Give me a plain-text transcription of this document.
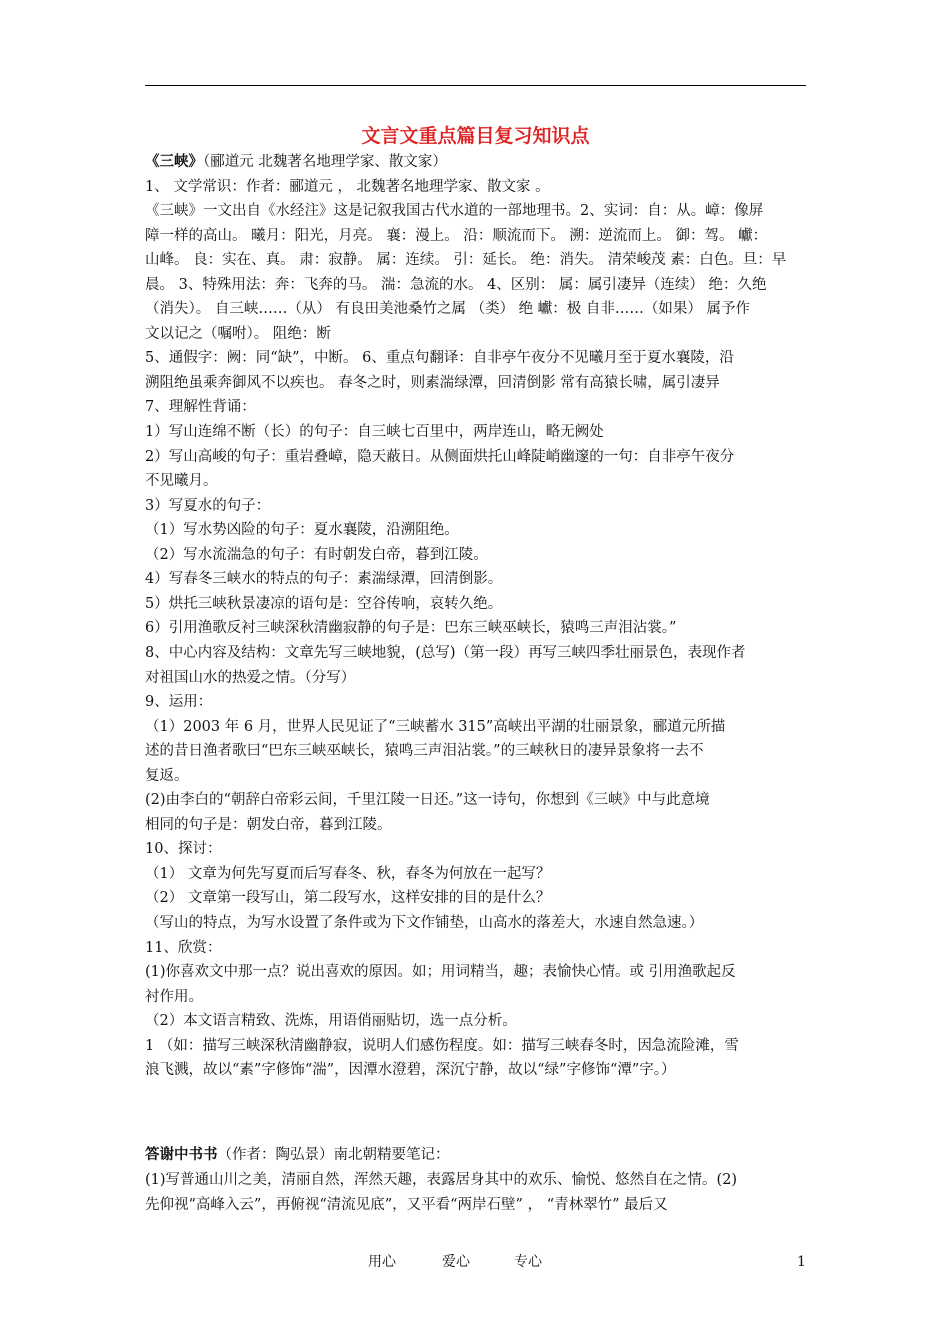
文言文重点篇目复习知识点
《三峡》（郦道元 北魏著名地理学家、散文家）
1、 文学常识：作者：郦道元 ， 北魏著名地理学家、散文家 。
《三峡》一文出自《水经注》这是记叙我国古代水道的一部地理书。2、实词：自：从。嶂：像屏
障一样的高山。 曦月：阳光，月亮。 襄：漫上。 沿：顺流而下。 溯：逆流而上。 御：驾。 巘：
山峰。 良：实在、真。 肃：寂静。 属：连续。 引：延长。 绝：消失。 清荣峻茂 素：白色。旦：早
晨。 3、特殊用法：奔：飞奔的马。 湍：急流的水。 4、区别： 属：属引凄异（连续） 绝：久绝
（消失）。 自三峡……（从） 有良田美池桑竹之属 （类） 绝 巘：极 自非……（如果） 属予作
文以记之（嘱咐）。 阻绝：断
5、通假字：阙：同“缺”，中断。 6、重点句翻译：自非亭午夜分不见曦月至于夏水襄陵，沿
溯阻绝虽乘奔御风不以疾也。 春冬之时，则素湍绿潭，回清倒影 常有高猿长啸，属引凄异
7、理解性背诵：
1）写山连绵不断（长）的句子：自三峡七百里中，两岸连山，略无阙处
2）写山高峻的句子：重岩叠嶂，隐天蔽日。从侧面烘托山峰陡峭幽邃的一句：自非亭午夜分
不见曦月。
3）写夏水的句子：
（1）写水势凶险的句子：夏水襄陵，沿溯阻绝。
（2）写水流湍急的句子：有时朝发白帝，暮到江陵。
4）写春冬三峡水的特点的句子：素湍绿潭，回清倒影。
5）烘托三峡秋景凄凉的语句是：空谷传响，哀转久绝。
6）引用渔歌反衬三峡深秋清幽寂静的句子是：巴东三峡巫峡长，猿鸣三声泪沾裳。”
8、中心内容及结构：文章先写三峡地貌，(总写)（第一段）再写三峡四季壮丽景色，表现作者
对祖国山水的热爱之情。（分写）
9、运用：
（1）2003 年 6 月，世界人民见证了“三峡蓄水 315”高峡出平湖的壮丽景象，郦道元所描
述的昔日渔者歌曰“巴东三峡巫峡长，猿鸣三声泪沾裳。”的三峡秋日的凄异景象将一去不
复返。
(2)由李白的“朝辞白帝彩云间，千里江陵一日还。”这一诗句，你想到《三峡》中与此意境
相同的句子是：朝发白帝，暮到江陵。
10、探讨：
（1） 文章为何先写夏而后写春冬、秋，春冬为何放在一起写？
（2） 文章第一段写山，第二段写水，这样安排的目的是什么？
（写山的特点，为写水设置了条件或为下文作铺垫，山高水的落差大，水速自然急速。）
11、欣赏：
(1)你喜欢文中那一点？说出喜欢的原因。如；用词精当，趣；表愉快心情。或 引用渔歌起反
衬作用。
（2）本文语言精致、洗炼，用语俏丽贴切，选一点分析。
1 （如：描写三峡深秋清幽静寂，说明人们感伤程度。如：描写三峡春冬时，因急流险滩，雪
浪飞溅，故以“素”字修饰“湍”，因潭水澄碧，深沉宁静，故以“绿”字修饰“潭”字。）
答谢中书书（作者：陶弘景）南北朝精要笔记：
(1)写普通山川之美，清丽自然，浑然天趣，表露居身其中的欢乐、愉悦、悠然自在之情。(2)
先仰视“高峰入云”，再俯视“清流见底”，又平看“两岸石壁” ， “青林翠竹” 最后又
用心	爱心	专心	1
